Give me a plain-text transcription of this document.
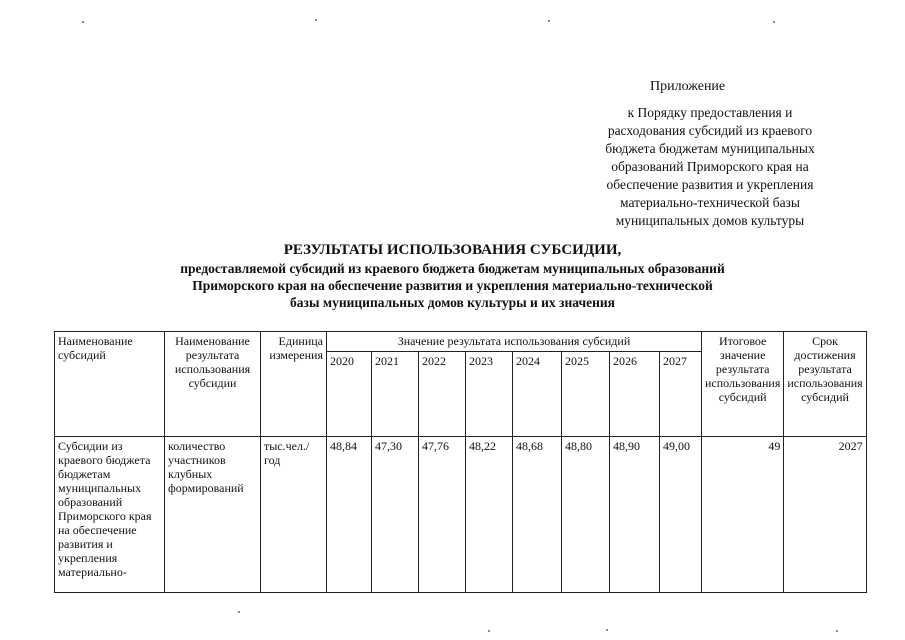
Приложение
к Порядку предоставления и
расходования субсидий из краевого
бюджета бюджетам муниципальных
образований Приморского края на
обеспечение развития и укрепления
материально-технической базы
муниципальных домов культуры
РЕЗУЛЬТАТЫ ИСПОЛЬЗОВАНИЯ СУБСИДИИ,
предоставляемой субсидий из краевого бюджета бюджетам муниципальных образований
Приморского края на обеспечение развития и укрепления материально-технической
базы муниципальных домов культуры и их значения
Наименование субсидий	Наименование результата использования субсидии	Единица измерения	Значение результата использования субсидий								Итоговое значение результата использования субсидий	Срок достижения результата использования субсидий
			2020	2021	2022	2023	2024	2025	2026	2027		
Субсидии из краевого бюджета бюджетам муниципальных образований Приморского края на обеспечение развития и укрепления материально-	количество участников клубных формирований	тыс.чел./год	48,84	47,30	47,76	48,22	48,68	48,80	48,90	49,00	49	2027
